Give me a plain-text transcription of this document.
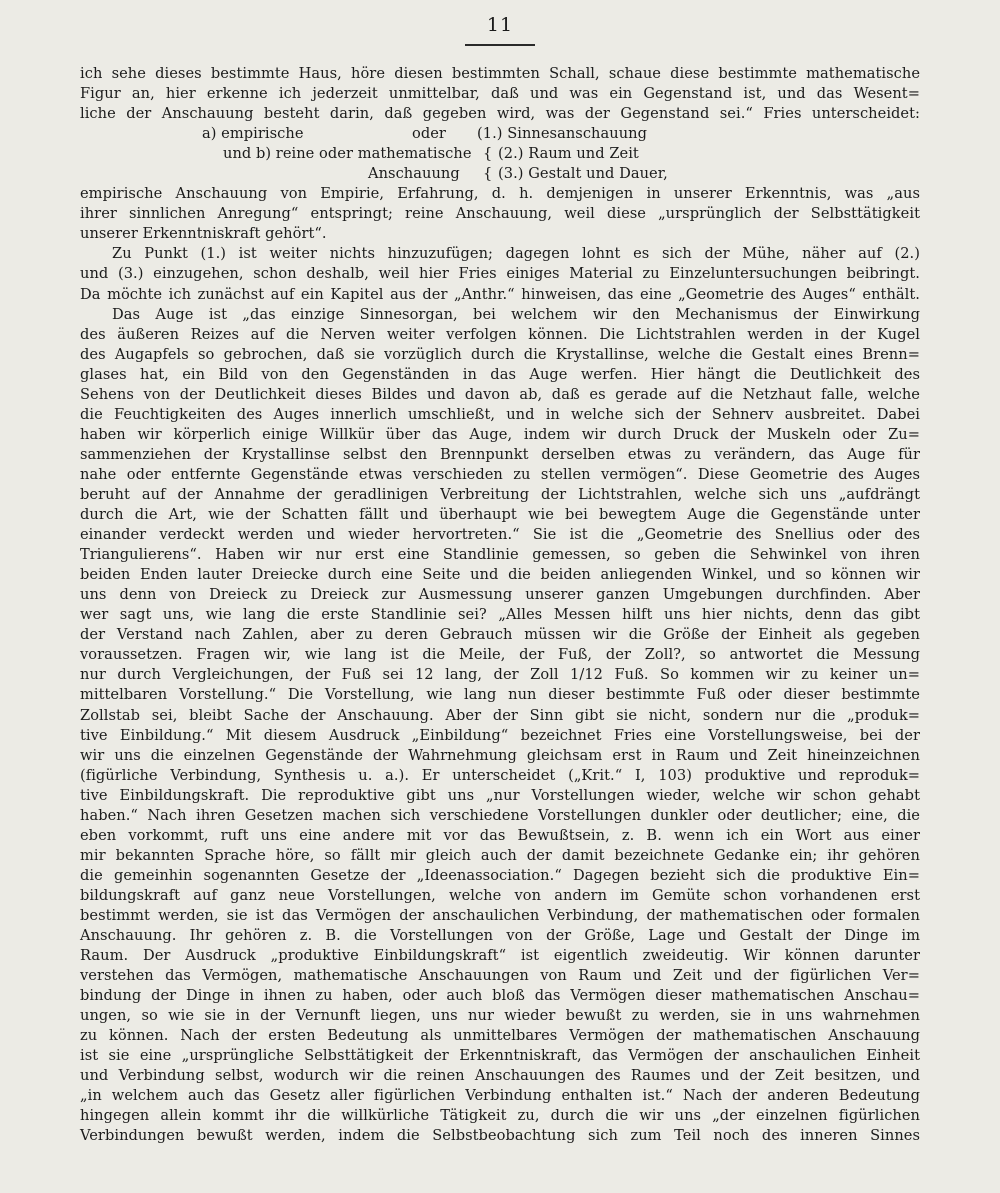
11
ich sehe dieses bestimmte Haus, höre diesen bestimmten Schall, schaue diese bestimmte mathematische
Figur an, hier erkenne ich jederzeit unmittelbar, daß und was ein Gegenstand ist, und das Wesent=
liche der Anschauung besteht darin, daß gegeben wird, was der Gegenstand sei.“ Fries unterscheidet:
a) empirische	oder (1.) Sinnesanschauung
und b) reine oder mathematische { (2.) Raum und Zeit
Anschauung { (3.) Gestalt und Dauer,
empirische Anschauung von Empirie, Erfahrung, d. h. demjenigen in unserer Erkenntnis, was „aus
ihrer sinnlichen Anregung“ entspringt; reine Anschauung, weil diese „ursprünglich der Selbsttätigkeit
unserer Erkenntniskraft gehört“.
Zu Punkt (1.) ist weiter nichts hinzuzufügen; dagegen lohnt es sich der Mühe, näher auf (2.)
und (3.) einzugehen, schon deshalb, weil hier Fries einiges Material zu Einzeluntersuchungen beibringt.
Da möchte ich zunächst auf ein Kapitel aus der „Anthr.“ hinweisen, das eine „Geometrie des Auges“ enthält.
Das Auge ist „das einzige Sinnesorgan, bei welchem wir den Mechanismus der Einwirkung
des äußeren Reizes auf die Nerven weiter verfolgen können. Die Lichtstrahlen werden in der Kugel
des Augapfels so gebrochen, daß sie vorzüglich durch die Krystallinse, welche die Gestalt eines Brenn=
glases hat, ein Bild von den Gegenständen in das Auge werfen. Hier hängt die Deutlichkeit des
Sehens von der Deutlichkeit dieses Bildes und davon ab, daß es gerade auf die Netzhaut falle, welche
die Feuchtigkeiten des Auges innerlich umschließt, und in welche sich der Sehnerv ausbreitet. Dabei
haben wir körperlich einige Willkür über das Auge, indem wir durch Druck der Muskeln oder Zu=
sammenziehen der Krystallinse selbst den Brennpunkt derselben etwas zu verändern, das Auge für
nahe oder entfernte Gegenstände etwas verschieden zu stellen vermögen“. Diese Geometrie des Auges
beruht auf der Annahme der geradlinigen Verbreitung der Lichtstrahlen, welche sich uns „aufdrängt
durch die Art, wie der Schatten fällt und überhaupt wie bei bewegtem Auge die Gegenstände unter
einander verdeckt werden und wieder hervortreten.“ Sie ist die „Geometrie des Snellius oder des
Triangulierens“. Haben wir nur erst eine Standlinie gemessen, so geben die Sehwinkel von ihren
beiden Enden lauter Dreiecke durch eine Seite und die beiden anliegenden Winkel, und so können wir
uns denn von Dreieck zu Dreieck zur Ausmessung unserer ganzen Umgebungen durchfinden. Aber
wer sagt uns, wie lang die erste Standlinie sei? „Alles Messen hilft uns hier nichts, denn das gibt
der Verstand nach Zahlen, aber zu deren Gebrauch müssen wir die Größe der Einheit als gegeben
voraussetzen. Fragen wir, wie lang ist die Meile, der Fuß, der Zoll?, so antwortet die Messung
nur durch Vergleichungen, der Fuß sei 12 lang, der Zoll 1/12 Fuß. So kommen wir zu keiner un=
mittelbaren Vorstellung.“ Die Vorstellung, wie lang nun dieser bestimmte Fuß oder dieser bestimmte
Zollstab sei, bleibt Sache der Anschauung. Aber der Sinn gibt sie nicht, sondern nur die „produk=
tive Einbildung.“ Mit diesem Ausdruck „Einbildung“ bezeichnet Fries eine Vorstellungsweise, bei der
wir uns die einzelnen Gegenstände der Wahrnehmung gleichsam erst in Raum und Zeit hineinzeichnen
(figürliche Verbindung, Synthesis u. a.). Er unterscheidet („Krit.“ I, 103) produktive und reproduk=
tive Einbildungskraft. Die reproduktive gibt uns „nur Vorstellungen wieder, welche wir schon gehabt
haben.“ Nach ihren Gesetzen machen sich verschiedene Vorstellungen dunkler oder deutlicher; eine, die
eben vorkommt, ruft uns eine andere mit vor das Bewußtsein, z. B. wenn ich ein Wort aus einer
mir bekannten Sprache höre, so fällt mir gleich auch der damit bezeichnete Gedanke ein; ihr gehören
die gemeinhin sogenannten Gesetze der „Ideenassociation.“ Dagegen bezieht sich die produktive Ein=
bildungskraft auf ganz neue Vorstellungen, welche von andern im Gemüte schon vorhandenen erst
bestimmt werden, sie ist das Vermögen der anschaulichen Verbindung, der mathematischen oder formalen
Anschauung. Ihr gehören z. B. die Vorstellungen von der Größe, Lage und Gestalt der Dinge im
Raum. Der Ausdruck „produktive Einbildungskraft“ ist eigentlich zweideutig. Wir können darunter
verstehen das Vermögen, mathematische Anschauungen von Raum und Zeit und der figürlichen Ver=
bindung der Dinge in ihnen zu haben, oder auch bloß das Vermögen dieser mathematischen Anschau=
ungen, so wie sie in der Vernunft liegen, uns nur wieder bewußt zu werden, sie in uns wahrnehmen
zu können. Nach der ersten Bedeutung als unmittelbares Vermögen der mathematischen Anschauung
ist sie eine „ursprüngliche Selbsttätigkeit der Erkenntniskraft, das Vermögen der anschaulichen Einheit
und Verbindung selbst, wodurch wir die reinen Anschauungen des Raumes und der Zeit besitzen, und
„in welchem auch das Gesetz aller figürlichen Verbindung enthalten ist.“ Nach der anderen Bedeutung
hingegen allein kommt ihr die willkürliche Tätigkeit zu, durch die wir uns „der einzelnen figürlichen
Verbindungen bewußt werden, indem die Selbstbeobachtung sich zum Teil noch des inneren Sinnes
